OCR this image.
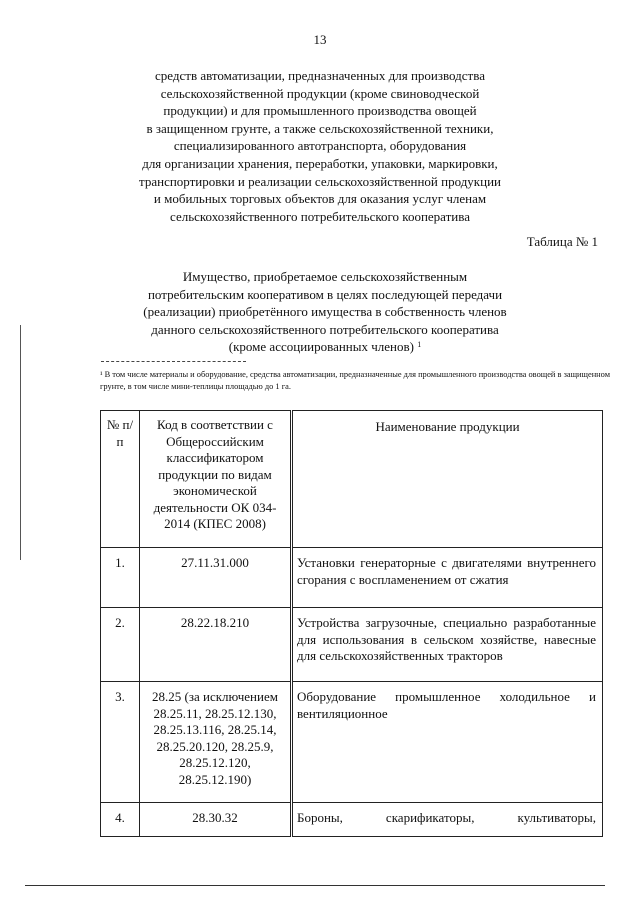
13
средств автоматизации, предназначенных для производства
сельскохозяйственной продукции (кроме свиноводческой
продукции) и для промышленного производства овощей
в защищенном грунте, а также сельскохозяйственной техники,
специализированного автотранспорта, оборудования
для организации хранения, переработки, упаковки, маркировки,
транспортировки и реализации сельскохозяйственной продукции
и мобильных торговых объектов для оказания услуг членам
сельскохозяйственного потребительского кооператива
Таблица № 1
Имущество, приобретаемое сельскохозяйственным
потребительским кооперативом в целях последующей передачи
(реализации) приобретённого имущества в собственность членов
данного сельскохозяйственного потребительского кооператива
(кроме ассоциированных членов) $^1$
¹ В том числе материалы и оборудование, средства автоматизации, предназначенные для промышленного производства овощей в защищенном грунте, в том числе мини-теплицы площадью до 1 га.
№ п/п	Код в соответствии с Общероссийским классификатором продукции по видам экономической деятельности ОК 034-2014 (КПЕС 2008)	Наименование продукции
1.	27.11.31.000	Установки генераторные с двигателями внутреннего сгорания с воспламенением от сжатия
2.	28.22.18.210	Устройства загрузочные, специально разработанные для использования в сельском хозяйстве, навесные для сельскохозяйственных тракторов
3.	28.25 (за исключением 28.25.11, 28.25.12.130, 28.25.13.116, 28.25.14, 28.25.20.120, 28.25.9, 28.25.12.120, 28.25.12.190)	Оборудование промышленное холодильное и вентиляционное
4.	28.30.32	Бороны, скарификаторы, культиваторы,
